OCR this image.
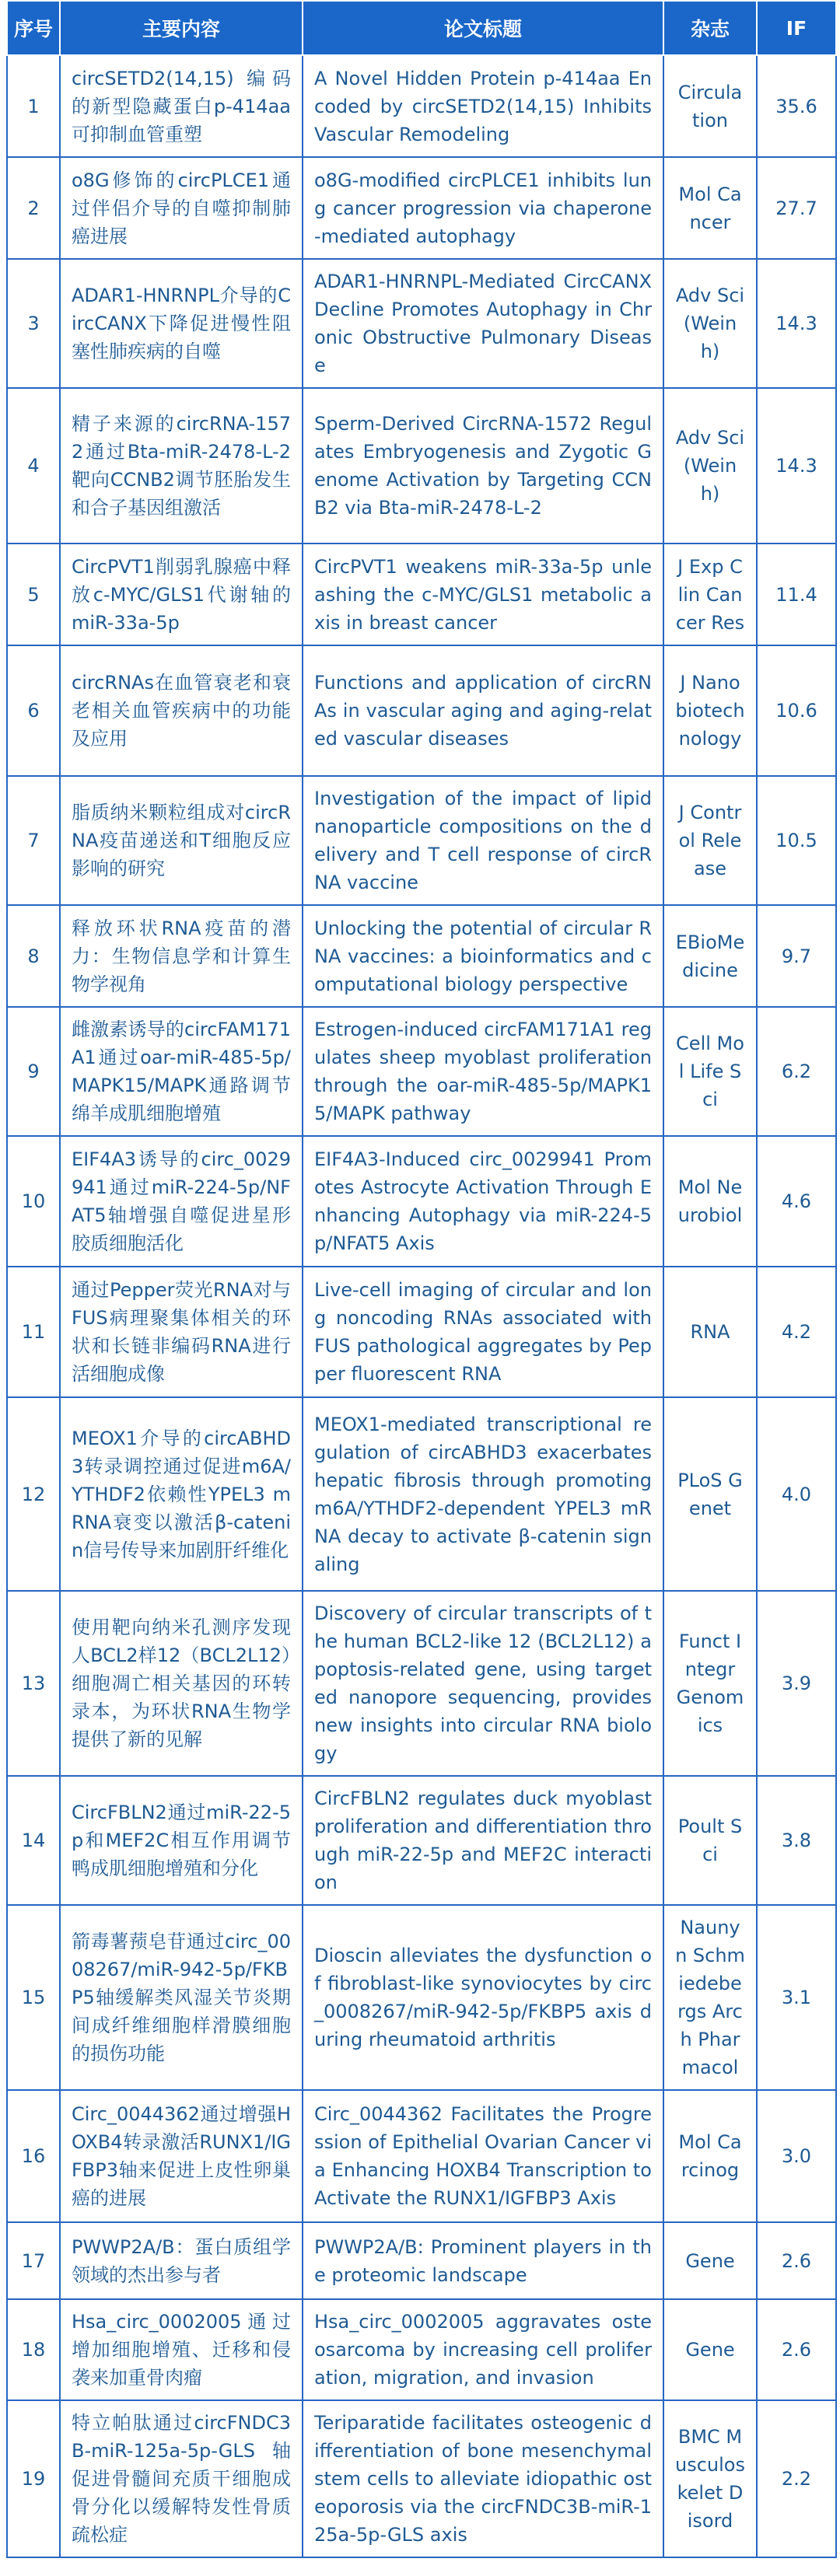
序号	主要内容	论文标题	杂志	IF
1	circSETD2(14,15) 编码的新型隐藏蛋白p-414aa可抑制血管重塑	A Novel Hidden Protein p-414aa Encoded by circSETD2(14,15) Inhibits Vascular Remodeling	Circulation	35.6
2	o8G修饰的circPLCE1通过伴侣介导的自噬抑制肺癌进展	o8G-modified circPLCE1 inhibits lung cancer progression via chaperone-mediated autophagy	Mol Cancer	27.7
3	ADAR1-HNRNPL介导的CircCANX下降促进慢性阻塞性肺疾病的自噬	ADAR1-HNRNPL-Mediated CircCANX Decline Promotes Autophagy in Chronic Obstructive Pulmonary Disease	Adv Sci (Weinh)	14.3
4	精子来源的circRNA-1572通过Bta-miR-2478-L-2靶向CCNB2调节胚胎发生和合子基因组激活	Sperm-Derived CircRNA-1572 Regulates Embryogenesis and Zygotic Genome Activation by Targeting CCNB2 via Bta-miR-2478-L-2	Adv Sci (Weinh)	14.3
5	CircPVT1削弱乳腺癌中释放c-MYC/GLS1代谢轴的miR-33a-5p	CircPVT1 weakens miR-33a-5p unleashing the c-MYC/GLS1 metabolic axis in breast cancer	J Exp Clin Cancer Res	11.4
6	circRNAs在血管衰老和衰老相关血管疾病中的功能及应用	Functions and application of circRNAs in vascular aging and aging-related vascular diseases	J Nanobiotechnology	10.6
7	脂质纳米颗粒组成对circRNA疫苗递送和T细胞反应影响的研究	Investigation of the impact of lipid nanoparticle compositions on the delivery and T cell response of circRNA vaccine	J Control Release	10.5
8	释放环状RNA疫苗的潜力：生物信息学和计算生物学视角	Unlocking the potential of circular RNA vaccines: a bioinformatics and computational biology perspective	EBioMedicine	9.7
9	雌激素诱导的circFAM171A1通过oar-miR-485-5p/MAPK15/MAPK通路调节绵羊成肌细胞增殖	Estrogen-induced circFAM171A1 regulates sheep myoblast proliferation through the oar-miR-485-5p/MAPK15/MAPK pathway	Cell Mol Life Sci	6.2
10	EIF4A3诱导的circ_0029941通过miR-224-5p/NFAT5轴增强自噬促进星形胶质细胞活化	EIF4A3-Induced circ_0029941 Promotes Astrocyte Activation Through Enhancing Autophagy via miR-224-5p/NFAT5 Axis	Mol Neurobiol	4.6
11	通过Pepper荧光RNA对与FUS病理聚集体相关的环状和长链非编码RNA进行活细胞成像	Live-cell imaging of circular and long noncoding RNAs associated with FUS pathological aggregates by Pepper fluorescent RNA	RNA	4.2
12	MEOX1介导的circABHD3转录调控通过促进m6A/YTHDF2依赖性YPEL3 mRNA衰变以激活β-catenin信号传导来加剧肝纤维化	MEOX1-mediated transcriptional regulation of circABHD3 exacerbates hepatic fibrosis through promoting m6A/YTHDF2-dependent YPEL3 mRNA decay to activate β-catenin signaling	PLoS Genet	4.0
13	使用靶向纳米孔测序发现人BCL2样12（BCL2L12）细胞凋亡相关基因的环转录本，为环状RNA生物学提供了新的见解	Discovery of circular transcripts of the human BCL2-like 12 (BCL2L12) apoptosis-related gene, using targeted nanopore sequencing, provides new insights into circular RNA biology	Funct Integr Genomics	3.9
14	CircFBLN2通过miR-22-5p和MEF2C相互作用调节鸭成肌细胞增殖和分化	CircFBLN2 regulates duck myoblast proliferation and differentiation through miR-22-5p and MEF2C interaction	Poult Sci	3.8
15	箭毒薯蓣皂苷通过circ_0008267/miR-942-5p/FKBP5轴缓解类风湿关节炎期间成纤维细胞样滑膜细胞的损伤功能	Dioscin alleviates the dysfunction of fibroblast-like synoviocytes by circ_0008267/miR-942-5p/FKBP5 axis during rheumatoid arthritis	Naunyn Schmiedebergs Arch Pharmacol	3.1
16	Circ_0044362通过增强HOXB4转录激活RUNX1/IGFBP3轴来促进上皮性卵巢癌的进展	Circ_0044362 Facilitates the Progression of Epithelial Ovarian Cancer via Enhancing HOXB4 Transcription to Activate the RUNX1/IGFBP3 Axis	Mol Carcinog	3.0
17	PWWP2A/B：蛋白质组学领域的杰出参与者	PWWP2A/B: Prominent players in the proteomic landscape	Gene	2.6
18	Hsa_circ_0002005通过增加细胞增殖、迁移和侵袭来加重骨肉瘤	Hsa_circ_0002005 aggravates osteosarcoma by increasing cell proliferation, migration, and invasion	Gene	2.6
19	特立帕肽通过circFNDC3B-miR-125a-5p-GLS轴促进骨髓间充质干细胞成骨分化以缓解特发性骨质疏松症	Teriparatide facilitates osteogenic differentiation of bone mesenchymal stem cells to alleviate idiopathic osteoporosis via the circFNDC3B-miR-125a-5p-GLS axis	BMC Musculoskelet Disord	2.2
